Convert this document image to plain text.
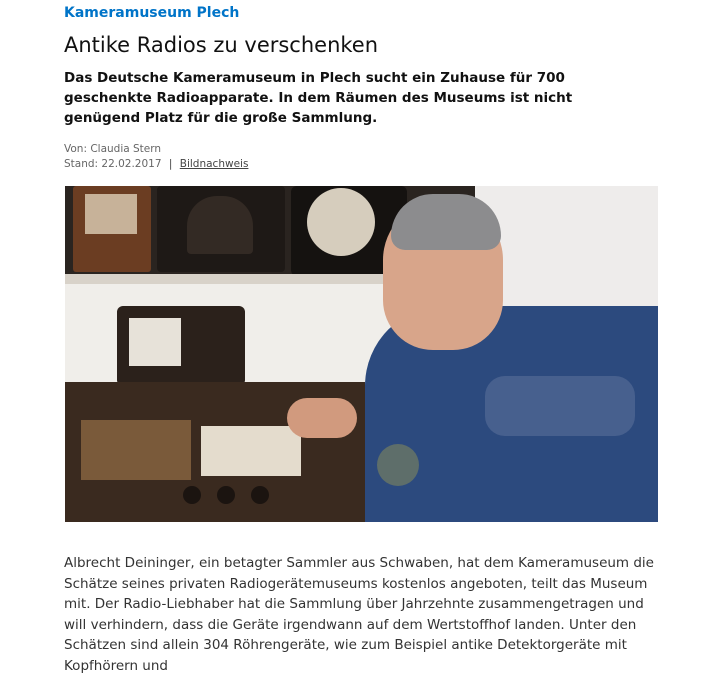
Kameramuseum Plech
Antike Radios zu verschenken
Das Deutsche Kameramuseum in Plech sucht ein Zuhause für 700 geschenkte Radioapparate. In dem Räumen des Museums ist nicht genügend Platz für die große Sammlung.
Von: Claudia Stern
Stand: 22.02.2017 | Bildnachweis
Albrecht Deininger, ein betagter Sammler aus Schwaben, hat dem Kameramuseum die Schätze seines privaten Radiogerätemuseums kostenlos angeboten, teilt das Museum mit. Der Radio-Liebhaber hat die Sammlung über Jahrzehnte zusammengetragen und will verhindern, dass die Geräte irgendwann auf dem Wertstoffhof landen. Unter den Schätzen sind allein 304 Röhrengeräte, wie zum Beispiel antike Detektorgeräte mit Kopfhörern und
